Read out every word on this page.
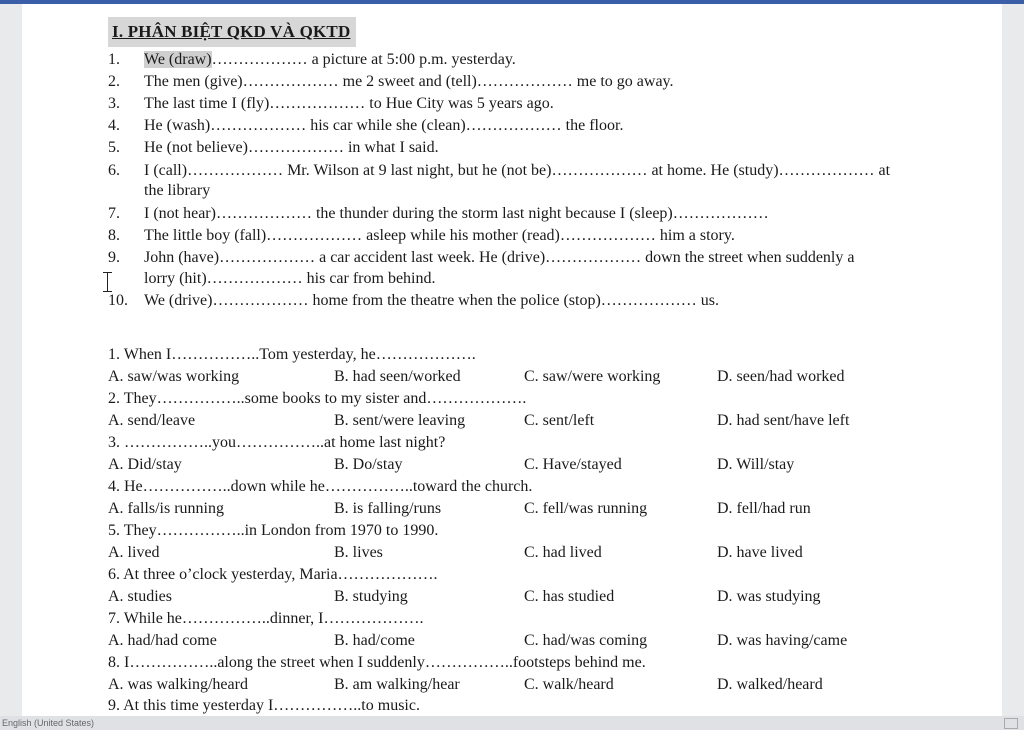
I. PHÂN BIỆT QKD VÀ QKTD
1.	We (draw)……………… a picture at 5:00 p.m. yesterday.
2.	The men (give)……………… me 2 sweet and (tell)……………… me to go away.
3.	The last time I (fly)……………… to Hue City was 5 years ago.
4.	He (wash)……………… his car while she (clean)……………… the floor.
5.	He (not believe)……………… in what I said.
6.	I (call)……………… Mr. Wilson at 9 last night, but he (not be)……………… at home. He (study)……………… at
the library
7.	I (not hear)……………… the thunder during the storm last night because I (sleep)………………
8.	The little boy (fall)……………… asleep while his mother (read)……………… him a story.
9.	John (have)……………… a car accident last week. He (drive)……………… down the street when suddenly a
lorry (hit)……………… his car from behind.
10.	We (drive)……………… home from the theatre when the police (stop)……………… us.
1. When I……………..Tom yesterday, he……………….
A. saw/was working	B. had seen/worked	C. saw/were working	D. seen/had worked
2. They……………..some books to my sister and……………….
A. send/leave	B. sent/were leaving	C. sent/left	D. had sent/have left
3. ……………..you……………..at home last night?
A. Did/stay	B. Do/stay	C. Have/stayed	D. Will/stay
4. He……………..down while he……………..toward the church.
A. falls/is running	B. is falling/runs	C. fell/was running	D. fell/had run
5. They……………..in London from 1970 to 1990.
A. lived	B. lives	C. had lived	D. have lived
6. At three o’clock yesterday, Maria……………….
A. studies	B. studying	C. has studied	D. was studying
7. While he……………..dinner, I……………….
A. had/had come	B. had/come	C. had/was coming	D. was having/came
8. I……………..along the street when I suddenly……………..footsteps behind me.
A. was walking/heard	B. am walking/hear	C. walk/heard	D. walked/heard
9. At this time yesterday I……………..to music.
English (United States)
